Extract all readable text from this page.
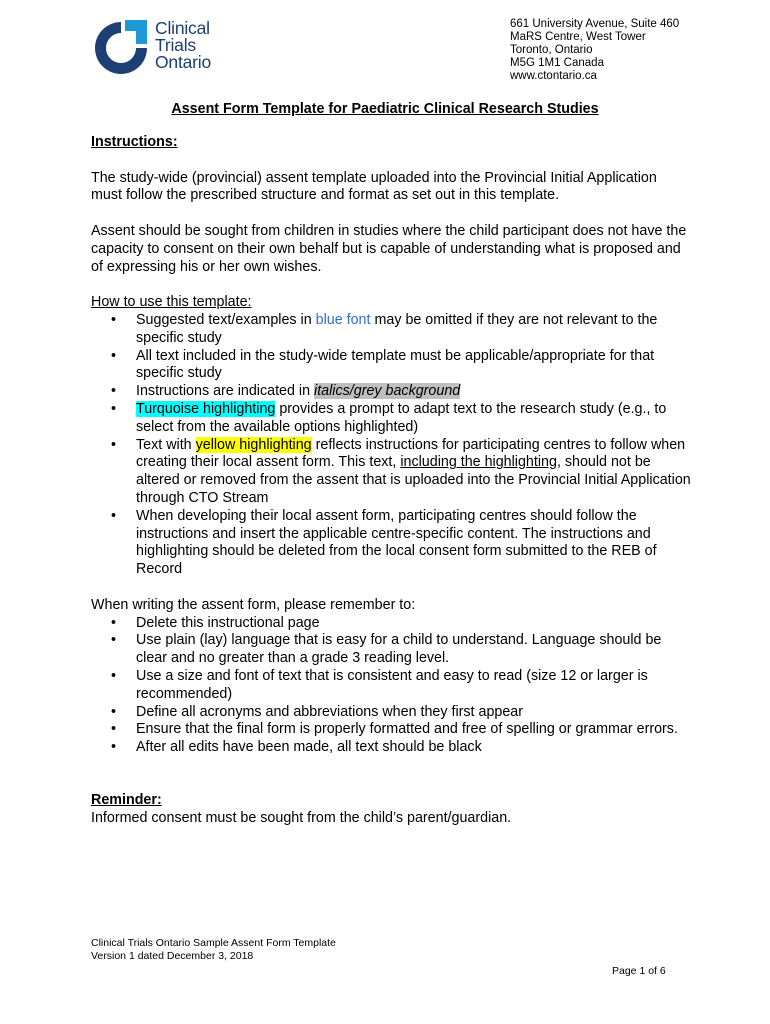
Clinical
Trials
Ontario
661 University Avenue, Suite 460
MaRS Centre, West Tower
Toronto, Ontario
M5G 1M1 Canada
www.ctontario.ca
Assent Form Template for Paediatric Clinical Research Studies

Instructions:

The study-wide (provincial) assent template uploaded into the Provincial Initial Application must follow the prescribed structure and format as set out in this template.

Assent should be sought from children in studies where the child participant does not have the capacity to consent on their own behalf but is capable of understanding what is proposed and of expressing his or her own wishes.

How to use this template:

• Suggested text/examples in blue font may be omitted if they are not relevant to the specific study
• All text included in the study-wide template must be applicable/appropriate for that specific study
• Instructions are indicated in italics/grey background
• Turquoise highlighting provides a prompt to adapt text to the research study (e.g., to select from the available options highlighted)
• Text with yellow highlighting reflects instructions for participating centres to follow when creating their local assent form. This text, including the highlighting, should not be altered or removed from the assent that is uploaded into the Provincial Initial Application through CTO Stream
• When developing their local assent form, participating centres should follow the instructions and insert the applicable centre-specific content. The instructions and highlighting should be deleted from the local consent form submitted to the REB of Record

When writing the assent form, please remember to:

• Delete this instructional page
• Use plain (lay) language that is easy for a child to understand. Language should be clear and no greater than a grade 3 reading level.
• Use a size and font of text that is consistent and easy to read (size 12 or larger is recommended)
• Define all acronyms and abbreviations when they first appear
• Ensure that the final form is properly formatted and free of spelling or grammar errors.
• After all edits have been made, all text should be black

Reminder:

Informed consent must be sought from the child’s parent/guardian.

Clinical Trials Ontario Sample Assent Form Template
Version 1 dated December 3, 2018
Page 1 of 6
